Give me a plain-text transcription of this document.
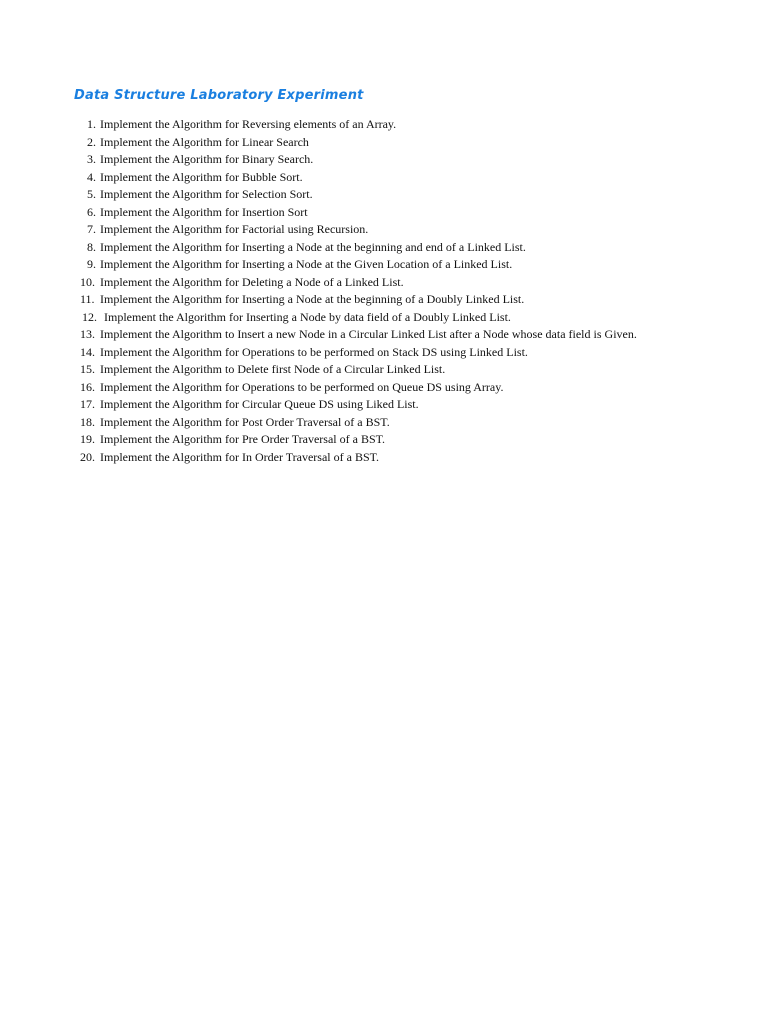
Data Structure Laboratory Experiment
1. Implement the Algorithm for Reversing elements of an Array.
2. Implement the Algorithm for Linear Search
3. Implement the Algorithm for Binary Search.
4. Implement the Algorithm for Bubble Sort.
5. Implement the Algorithm for Selection Sort.
6. Implement the Algorithm for Insertion Sort
7. Implement the Algorithm for Factorial using Recursion.
8. Implement the Algorithm for Inserting a Node at the beginning and end of a Linked List.
9. Implement the Algorithm for Inserting a Node at the Given Location of a Linked List.
10. Implement the Algorithm for Deleting a Node of a Linked List.
11. Implement the Algorithm for Inserting a Node at the beginning of a Doubly Linked List.
12. Implement the Algorithm for Inserting a Node by data field of a Doubly Linked List.
13. Implement the Algorithm to Insert a new Node in a Circular Linked List after a Node whose data field is Given.
14. Implement the Algorithm for Operations to be performed on Stack DS using Linked List.
15. Implement the Algorithm to Delete first Node of a Circular Linked List.
16. Implement the Algorithm for Operations to be performed on Queue DS using Array.
17. Implement the Algorithm for Circular Queue DS using Liked List.
18. Implement the Algorithm for Post Order Traversal of a BST.
19. Implement the Algorithm for Pre Order Traversal of a BST.
20. Implement the Algorithm for In Order Traversal of a BST.
